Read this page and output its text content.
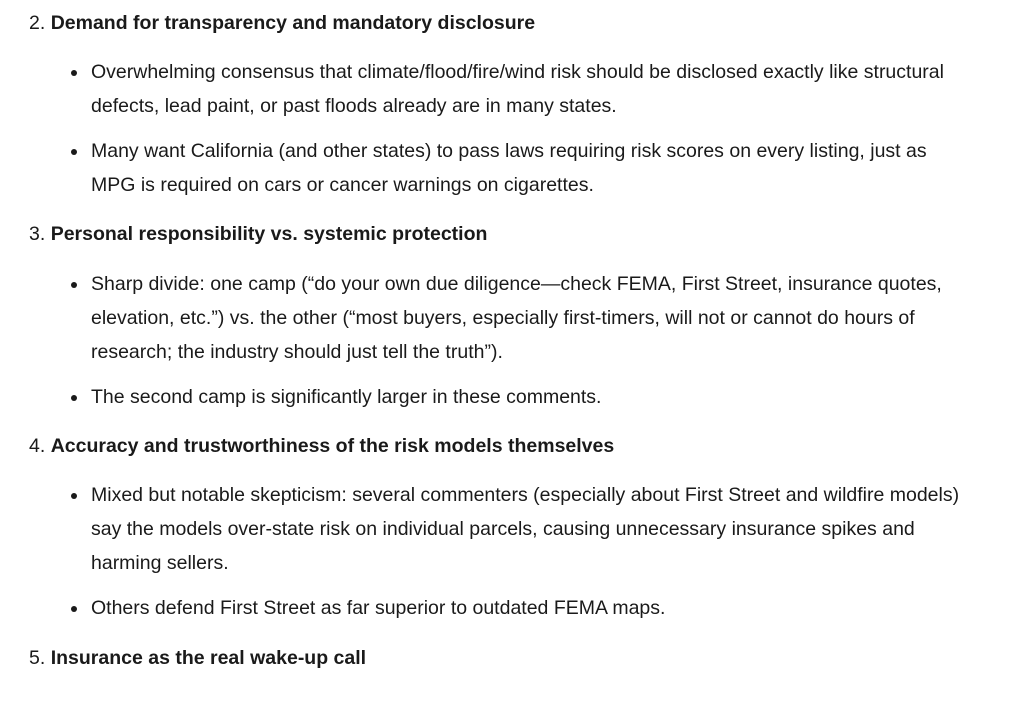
2. Demand for transparency and mandatory disclosure

Overwhelming consensus that climate/flood/fire/wind risk should be disclosed exactly like structural defects, lead paint, or past floods already are in many states.
Many want California (and other states) to pass laws requiring risk scores on every listing, just as MPG is required on cars or cancer warnings on cigarettes.

3. Personal responsibility vs. systemic protection

Sharp divide: one camp (“do your own due diligence—check FEMA, First Street, insurance quotes, elevation, etc.”) vs. the other (“most buyers, especially first-timers, will not or cannot do hours of research; the industry should just tell the truth”).
The second camp is significantly larger in these comments.

4. Accuracy and trustworthiness of the risk models themselves

Mixed but notable skepticism: several commenters (especially about First Street and wildfire models) say the models over-state risk on individual parcels, causing unnecessary insurance spikes and harming sellers.
Others defend First Street as far superior to outdated FEMA maps.

5. Insurance as the real wake-up call
